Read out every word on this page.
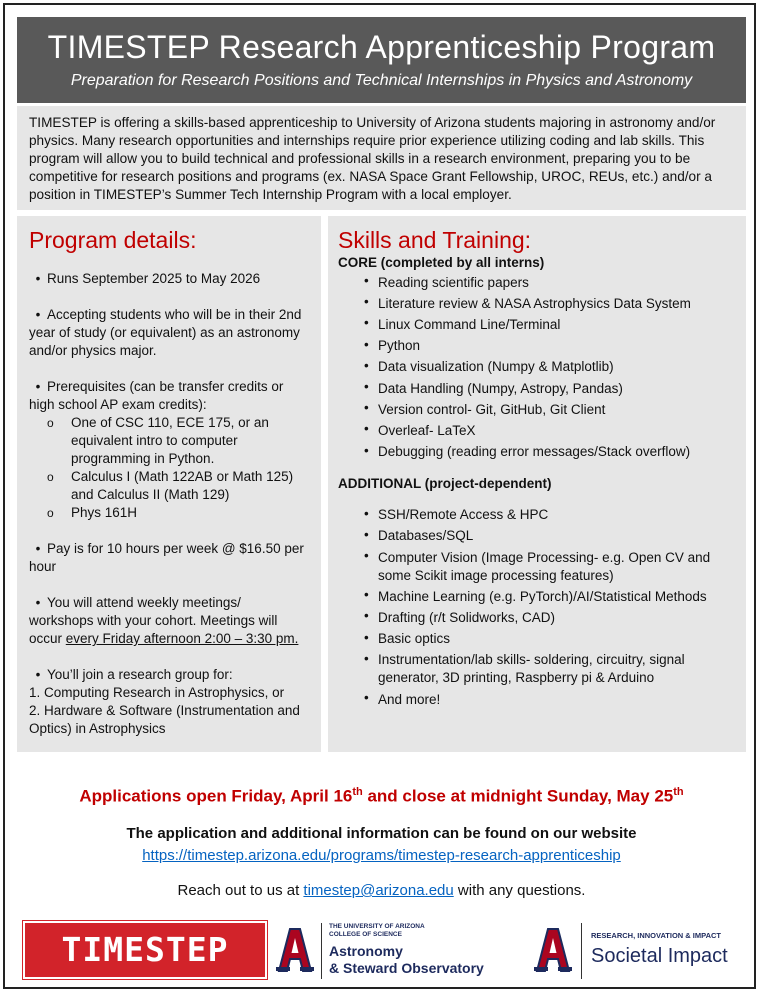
TIMESTEP Research Apprenticeship Program
Preparation for Research Positions and Technical Internships in Physics and Astronomy
TIMESTEP is offering a skills-based apprenticeship to University of Arizona students majoring in astronomy and/or physics. Many research opportunities and internships require prior experience utilizing coding and lab skills. This program will allow you to build technical and professional skills in a research environment, preparing you to be competitive for research positions and programs (ex. NASA Space Grant Fellowship, UROC, REUs, etc.) and/or a position in TIMESTEP’s Summer Tech Internship Program with a local employer.
Program details:
• Runs September 2025 to May 2026
• Accepting students who will be in their 2nd year of study (or equivalent) as an astronomy and/or physics major.
• Prerequisites (can be transfer credits or high school AP exam credits):
o One of CSC 110, ECE 175, or an equivalent intro to computer programming in Python.
o Calculus I (Math 122AB or Math 125) and Calculus II (Math 129)
o Phys 161H
• Pay is for 10 hours per week @ $16.50 per hour
• You will attend weekly meetings/ workshops with your cohort. Meetings will occur every Friday afternoon 2:00 – 3:30 pm.
• You’ll join a research group for:
1. Computing Research in Astrophysics, or
2. Hardware & Software (Instrumentation and Optics) in Astrophysics
Skills and Training:
CORE (completed by all interns)
• Reading scientific papers
• Literature review & NASA Astrophysics Data System
• Linux Command Line/Terminal
• Python
• Data visualization (Numpy & Matplotlib)
• Data Handling (Numpy, Astropy, Pandas)
• Version control- Git, GitHub, Git Client
• Overleaf- LaTeX
• Debugging (reading error messages/Stack overflow)
ADDITIONAL (project-dependent)
• SSH/Remote Access & HPC
• Databases/SQL
• Computer Vision (Image Processing- e.g. Open CV and some Scikit image processing features)
• Machine Learning (e.g. PyTorch)/AI/Statistical Methods
• Drafting (r/t Solidworks, CAD)
• Basic optics
• Instrumentation/lab skills- soldering, circuitry, signal generator, 3D printing, Raspberry pi & Arduino
• And more!
Applications open Friday, April 16th and close at midnight Sunday, May 25th
The application and additional information can be found on our website
https://timestep.arizona.edu/programs/timestep-research-apprenticeship
Reach out to us at timestep@arizona.edu with any questions.
TIMESTEP
THE UNIVERSITY OF ARIZONA
COLLEGE OF SCIENCE
Astronomy
& Steward Observatory
RESEARCH, INNOVATION & IMPACT
Societal Impact
